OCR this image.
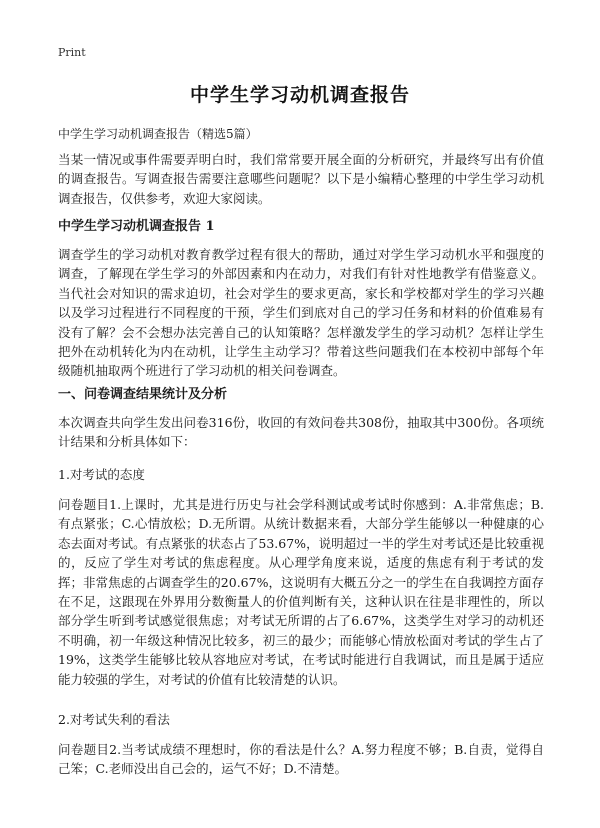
Print
中学生学习动机调查报告
中学生学习动机调查报告（精选5篇）

当某一情况或事件需要弄明白时，我们常常要开展全面的分析研究，并最终写出有价值的调查报告。写调查报告需要注意哪些问题呢？以下是小编精心整理的中学生学习动机调查报告，仅供参考，欢迎大家阅读。

中学生学习动机调查报告 1

调查学生的学习动机对教育教学过程有很大的帮助，通过对学生学习动机水平和强度的调查，了解现在学生学习的外部因素和内在动力，对我们有针对性地教学有借鉴意义。当代社会对知识的需求迫切，社会对学生的要求更高，家长和学校都对学生的学习兴趣以及学习过程进行不同程度的干预，学生们到底对自己的学习任务和材料的价值难易有没有了解？会不会想办法完善自己的认知策略？怎样激发学生的学习动机？怎样让学生把外在动机转化为内在动机，让学生主动学习？带着这些问题我们在本校初中部每个年级随机抽取两个班进行了学习动机的相关问卷调查。

一、问卷调查结果统计及分析

本次调查共向学生发出问卷316份，收回的有效问卷共308份，抽取其中300份。各项统计结果和分析具体如下：

1.对考试的态度

问卷题目1.上课时，尤其是进行历史与社会学科测试或考试时你感到：A.非常焦虑；B.有点紧张；C.心情放松；D.无所谓。从统计数据来看，大部分学生能够以一种健康的心态去面对考试。有点紧张的状态占了53.67%，说明超过一半的学生对考试还是比较重视的，反应了学生对考试的焦虑程度。从心理学角度来说，适度的焦虑有利于考试的发挥；非常焦虑的占调查学生的20.67%，这说明有大概五分之一的学生在自我调控方面存在不足，这跟现在外界用分数衡量人的价值判断有关，这种认识在往是非理性的，所以部分学生听到考试感觉很焦虑；对考试无所谓的占了6.67%，这类学生对学习的动机还不明确，初一年级这种情况比较多，初三的最少；而能够心情放松面对考试的学生占了19%，这类学生能够比较从容地应对考试，在考试时能进行自我调试，而且是属于适应能力较强的学生，对考试的价值有比较清楚的认识。

2.对考试失利的看法

问卷题目2.当考试成绩不理想时，你的看法是什么？A.努力程度不够；B.自责，觉得自己笨；C.老师没出自己会的，运气不好；D.不清楚。
